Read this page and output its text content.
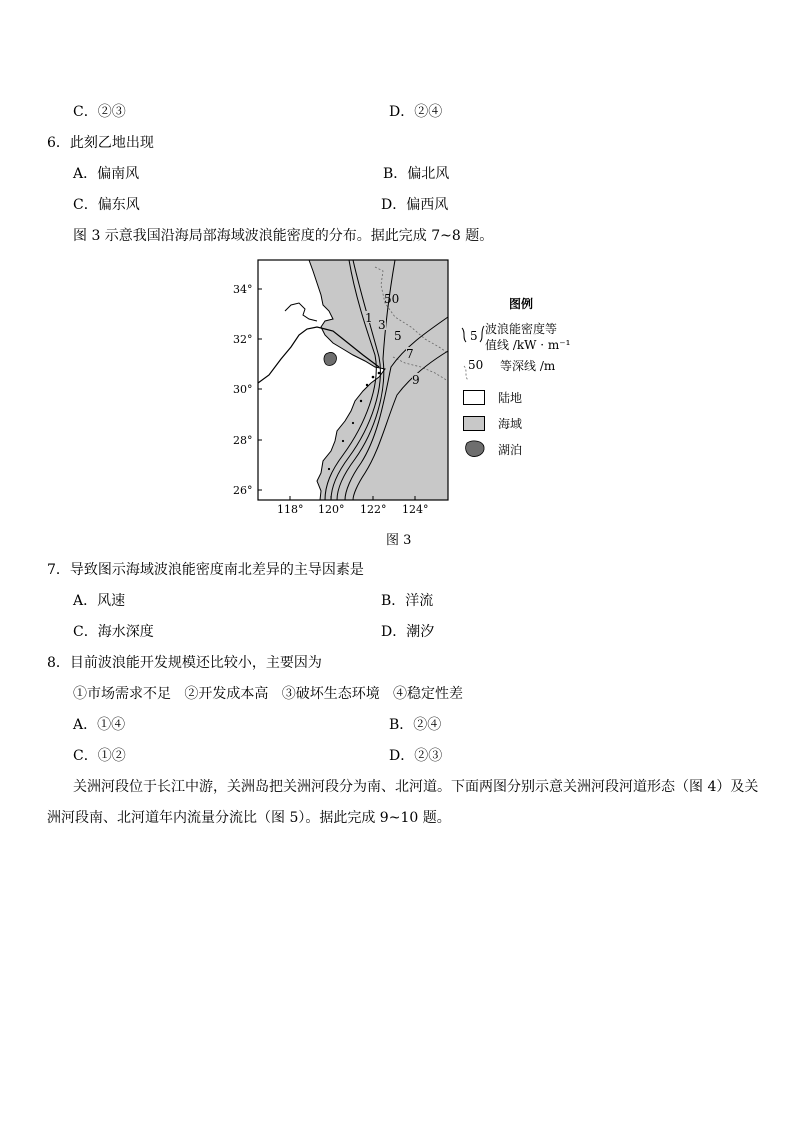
C．②③	D．②④
6．此刻乙地出现
A．偏南风	B．偏北风
C．偏东风	D．偏西风
图 3 示意我国沿海局部海域波浪能密度的分布。据此完成 7~8 题。
1 3
5
7
9
50
34°
32°
30°
28°
26°
118° 120° 122° 124°
图例
5 波浪能密度等
值线 /kW · m⁻¹
50 等深线 /m
陆地
海域
湖泊
图 3
7．导致图示海域波浪能密度南北差异的主导因素是
A．风速	B．洋流
C．海水深度	D．潮汐
8．目前波浪能开发规模还比较小，主要因为
①市场需求不足   ②开发成本高   ③破坏生态环境   ④稳定性差
A．①④	B．②④
C．①②	D．②③
关洲河段位于长江中游，关洲岛把关洲河段分为南、北河道。下面两图分别示意关洲河段河道形态（图 4）及关
洲河段南、北河道年内流量分流比（图 5）。据此完成 9~10 题。
